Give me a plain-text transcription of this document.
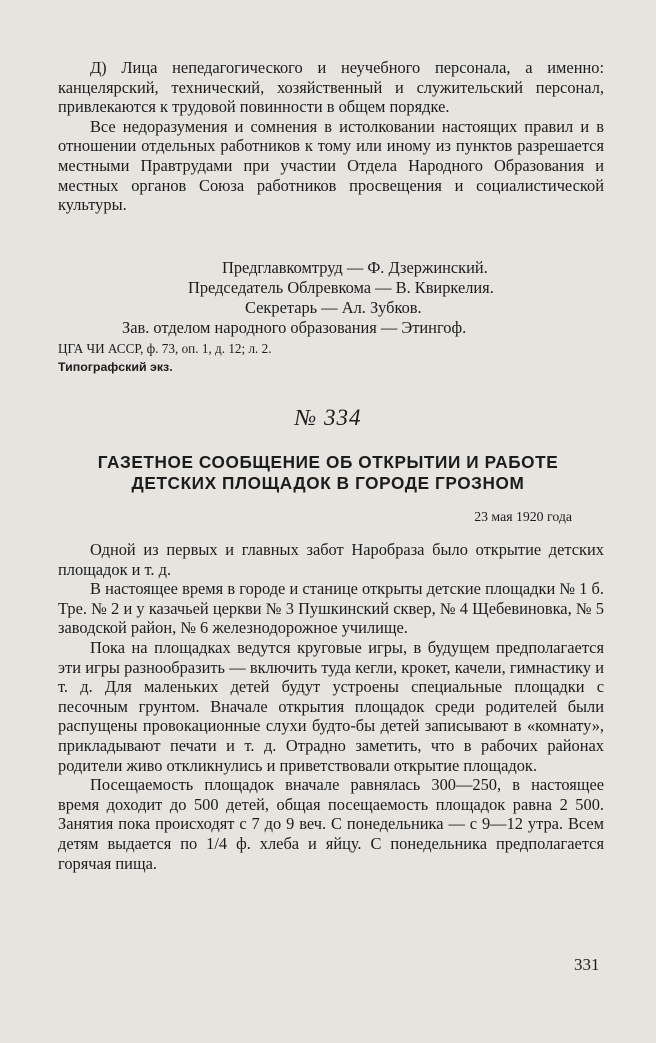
Д) Лица непедагогического и неучебного персонала, а именно: канцелярский, технический, хозяйственный и служительский персонал, привлекаются к трудовой повинности в общем порядке.

Все недоразумения и сомнения в истолковании настоящих правил и в отношении отдельных работников к тому или иному из пунктов разрешается местными Правтрудами при участии Отдела Народного Образования и местных органов Союза работников просвещения и социалистической культуры.

Предглавкомтруд — Ф. Дзержинский.
Председатель Облревкома — В. Квиркелия.
Секретарь — Ал. Зубков.
Зав. отделом народного образования — Этингоф.
ЦГА ЧИ АССР, ф. 73, оп. 1, д. 12; л. 2.
Типографский экз.
№ 334
ГАЗЕТНОЕ СООБЩЕНИЕ ОБ ОТКРЫТИИ И РАБОТЕ
ДЕТСКИХ ПЛОЩАДОК В ГОРОДЕ ГРОЗНОМ
23 мая 1920 года

Одной из первых и главных забот Наробраза было открытие детских площадок и т. д.

В настоящее время в городе и станице открыты детские площадки № 1 б. Тре. № 2 и у казачьей церкви № 3 Пушкинский сквер, № 4 Щебевиновка, № 5 заводской район, № 6 железнодорожное училище.

Пока на площадках ведутся круговые игры, в будущем предполагается эти игры разнообразить — включить туда кегли, крокет, качели, гимнастику и т. д. Для маленьких детей будут устроены специальные площадки с песочным грунтом. Вначале открытия площадок среди родителей были распущены провокационные слухи будто-бы детей записывают в «комнату», прикладывают печати и т. д. Отрадно заметить, что в рабочих районах родители живо откликнулись и приветствовали открытие площадок.

Посещаемость площадок вначале равнялась 300—250, в настоящее время доходит до 500 детей, общая посещаемость площадок равна 2 500. Занятия пока происходят с 7 до 9 веч. С понедельника — с 9—12 утра. Всем детям выдается по 1/4 ф. хлеба и яйцу. С понедельника предполагается горячая пища.

331
